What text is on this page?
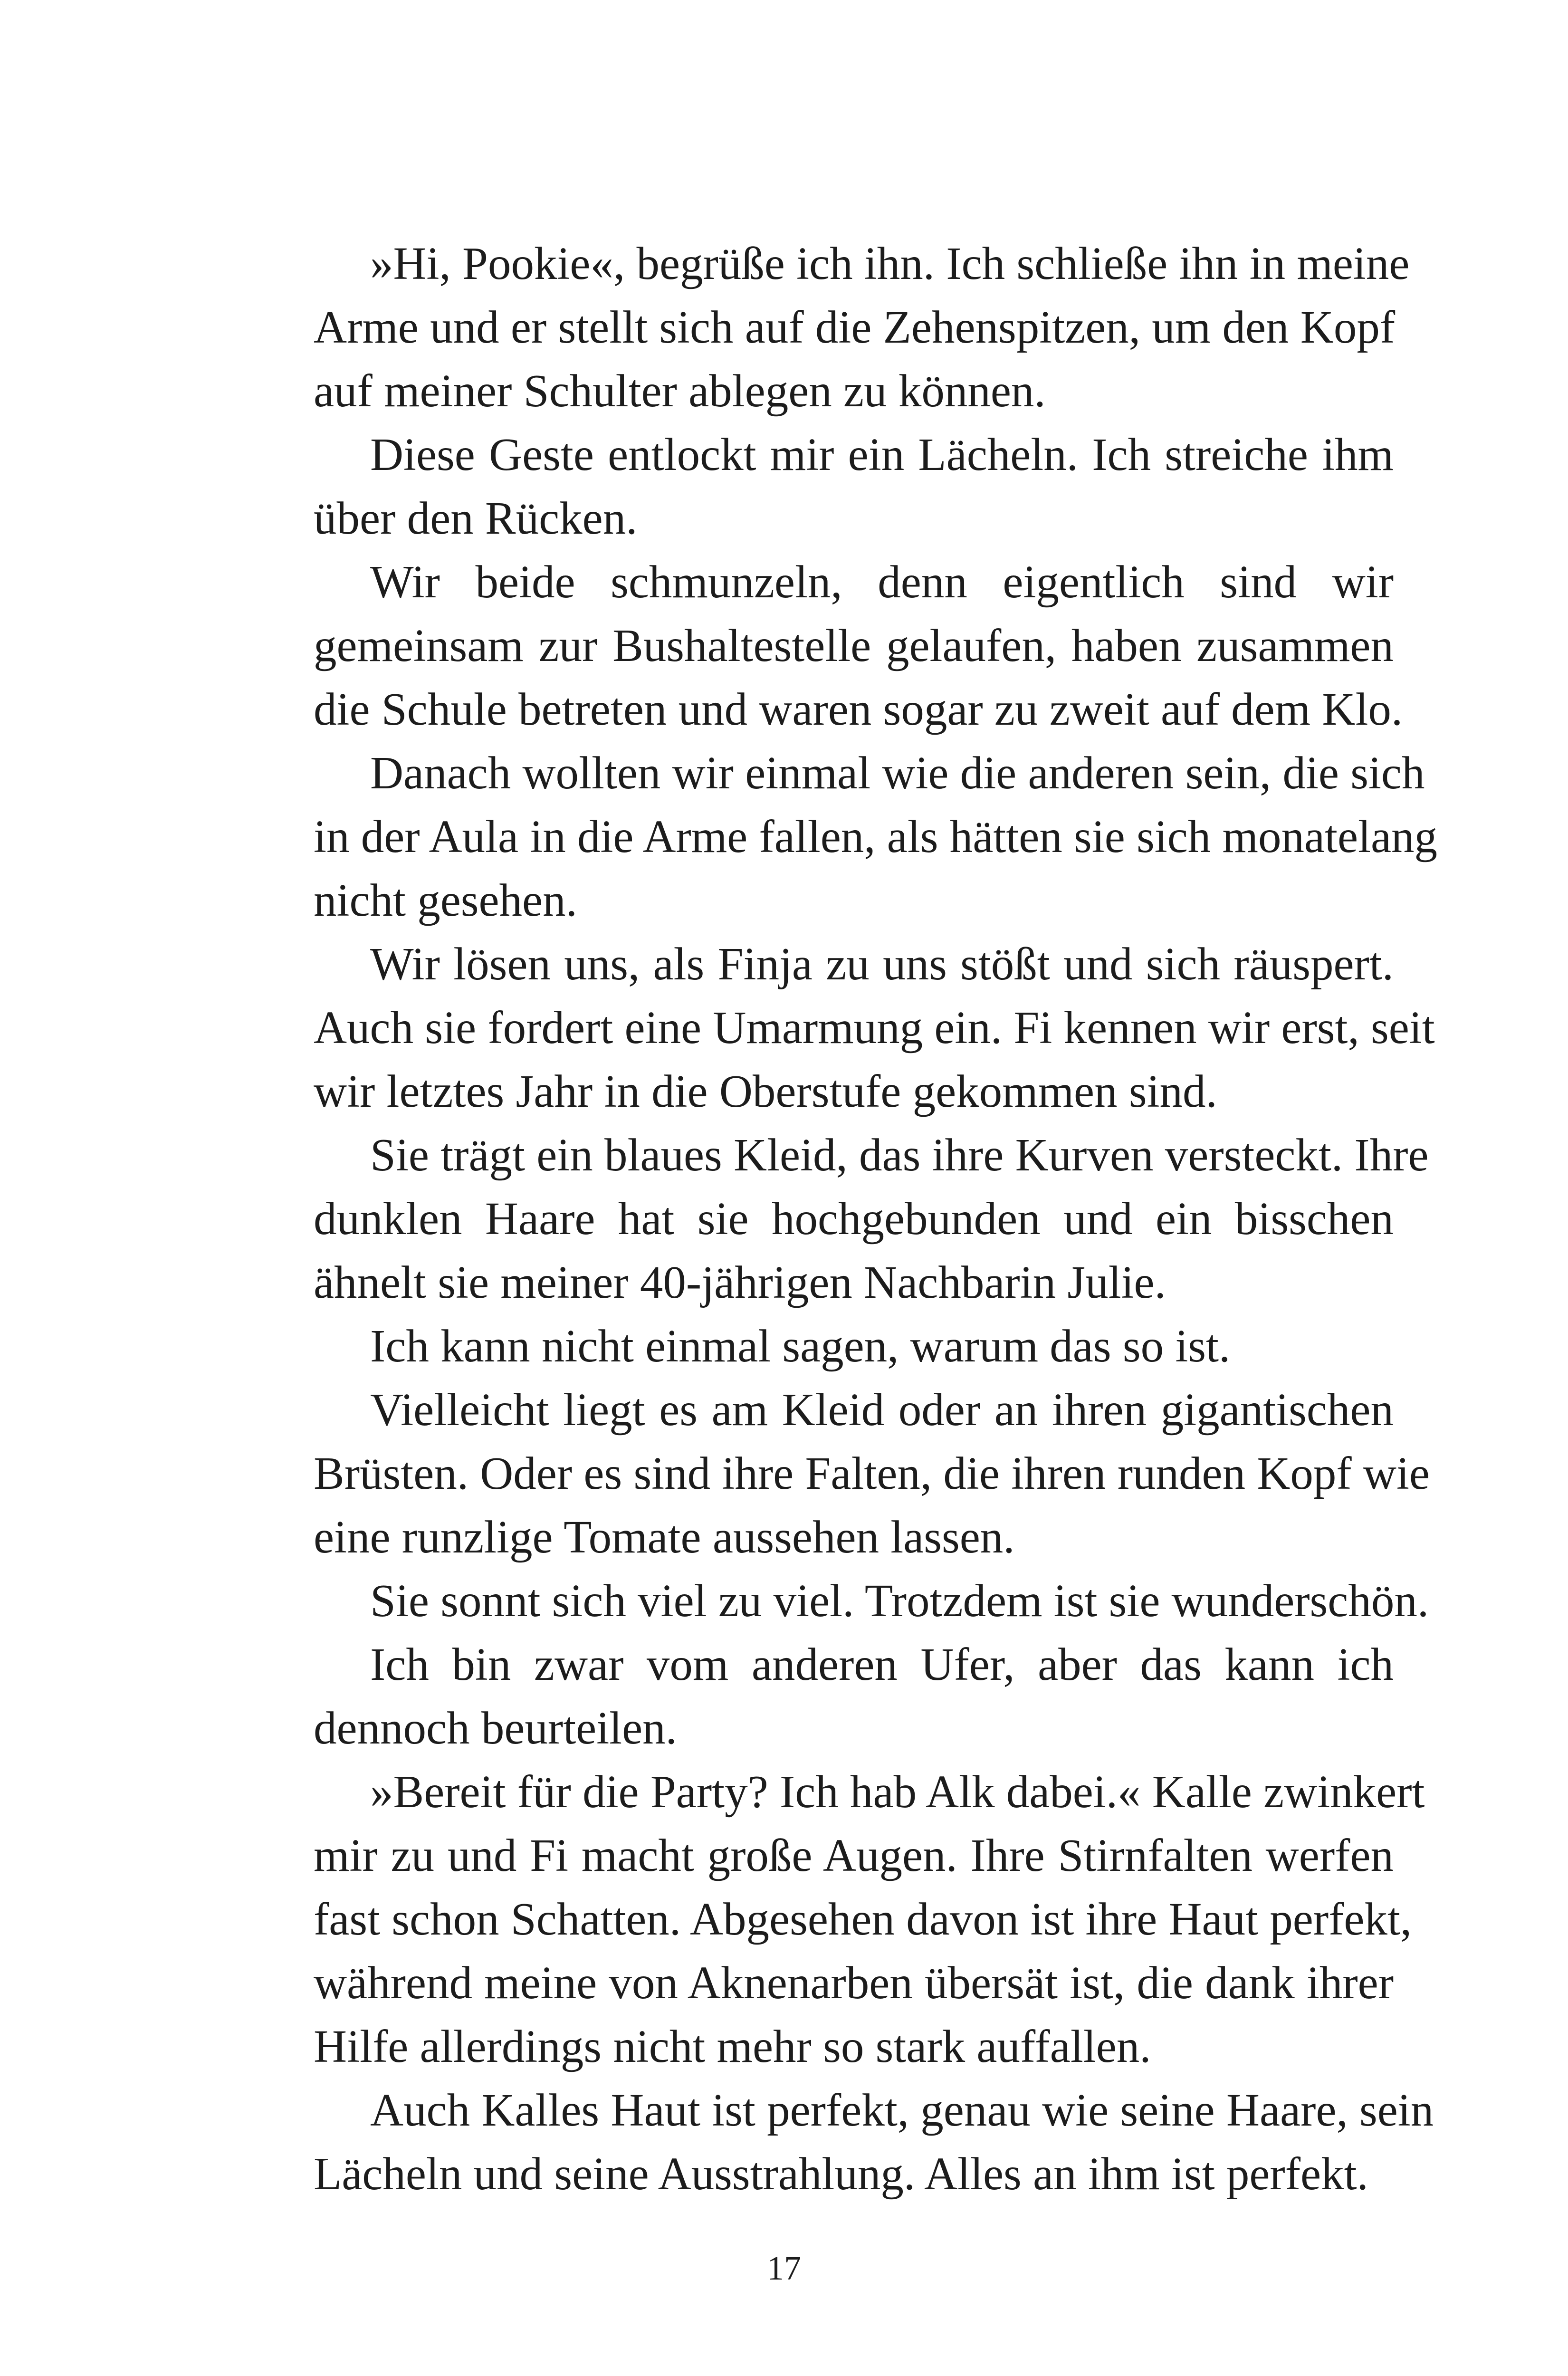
»Hi, Pookie«, begrüße ich ihn. Ich schließe ihn in meine
Arme und er stellt sich auf die Zehenspitzen, um den Kopf
auf meiner Schulter ablegen zu können.

Diese Geste entlockt mir ein Lächeln. Ich streiche ihm
über den Rücken.

Wir beide schmunzeln, denn eigentlich sind wir
gemeinsam zur Bushaltestelle gelaufen, haben zusammen
die Schule betreten und waren sogar zu zweit auf dem Klo.

Danach wollten wir einmal wie die anderen sein, die sich
in der Aula in die Arme fallen, als hätten sie sich monatelang
nicht gesehen.

Wir lösen uns, als Finja zu uns stößt und sich räuspert.
Auch sie fordert eine Umarmung ein. Fi kennen wir erst, seit
wir letztes Jahr in die Oberstufe gekommen sind.

Sie trägt ein blaues Kleid, das ihre Kurven versteckt. Ihre
dunklen Haare hat sie hochgebunden und ein bisschen
ähnelt sie meiner 40-jährigen Nachbarin Julie.

Ich kann nicht einmal sagen, warum das so ist.

Vielleicht liegt es am Kleid oder an ihren gigantischen
Brüsten. Oder es sind ihre Falten, die ihren runden Kopf wie
eine runzlige Tomate aussehen lassen.

Sie sonnt sich viel zu viel. Trotzdem ist sie wunderschön.

Ich bin zwar vom anderen Ufer, aber das kann ich
dennoch beurteilen.

»Bereit für die Party? Ich hab Alk dabei.« Kalle zwinkert
mir zu und Fi macht große Augen. Ihre Stirnfalten werfen
fast schon Schatten. Abgesehen davon ist ihre Haut perfekt,
während meine von Aknenarben übersät ist, die dank ihrer
Hilfe allerdings nicht mehr so stark auffallen.

Auch Kalles Haut ist perfekt, genau wie seine Haare, sein
Lächeln und seine Ausstrahlung. Alles an ihm ist perfekt.

17
